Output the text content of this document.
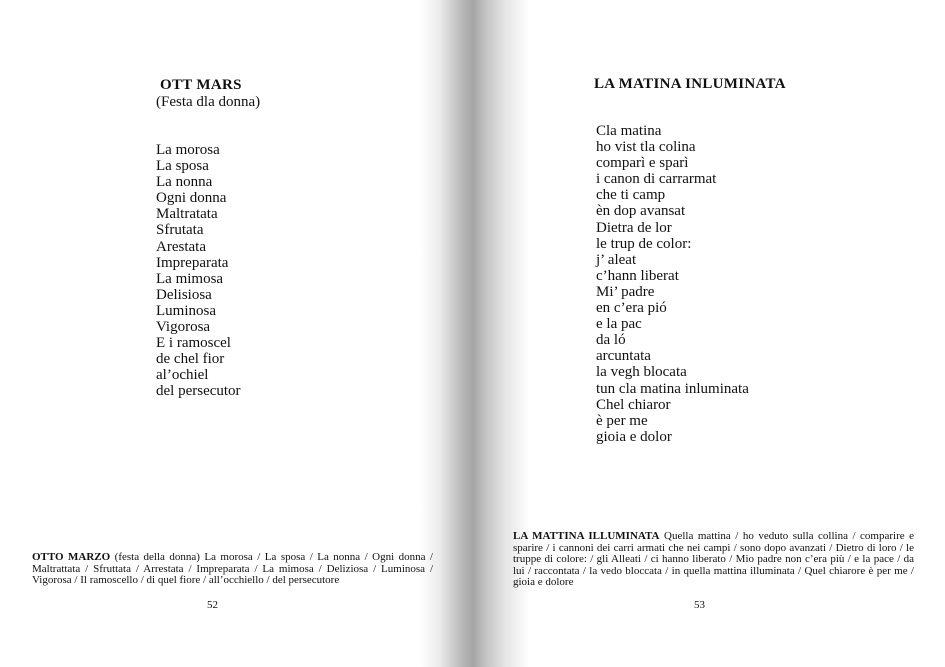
OTT MARS
(Festa dla donna)
La morosa
La sposa
La nonna
Ogni donna
Maltratata
Sfrutata
Arestata
Impreparata
La mimosa
Delisiosa
Luminosa
Vigorosa
E i ramoscel
de chel fior
al’ochiel
del persecutor

OTTO MARZO (festa della donna) La morosa / La sposa / La nonna / Ogni donna / Maltrattata / Sfruttata / Arrestata / Impreparata / La mimosa / Deliziosa / Luminosa / Vigorosa / Il ramoscello / di quel fiore / all’occhiello / del persecutore

52
LA MATINA INLUMINATA
Cla matina
ho vist tla colina
comparì e sparì
i canon di carrarmat
che ti camp
èn dop avansat
Dietra de lor
le trup de color:
j’ aleat
c’hann liberat
Mi’ padre
en c’era pió
e la pac
da ló
arcuntata
la vegh blocata
tun cla matina inluminata
Chel chiaror
è per me
gioia e dolor

LA MATTINA ILLUMINATA Quella mattina / ho veduto sulla collina / comparire e sparire / i cannoni dei carri armati che nei campi / sono dopo avanzati / Dietro di loro / le truppe di colore: / gli Alleati / ci hanno liberato / Mio padre non c’era più / e la pace / da lui / raccontata / la vedo bloccata / in quella mattina illuminata / Quel chiarore è per me / gioia e dolore

53
